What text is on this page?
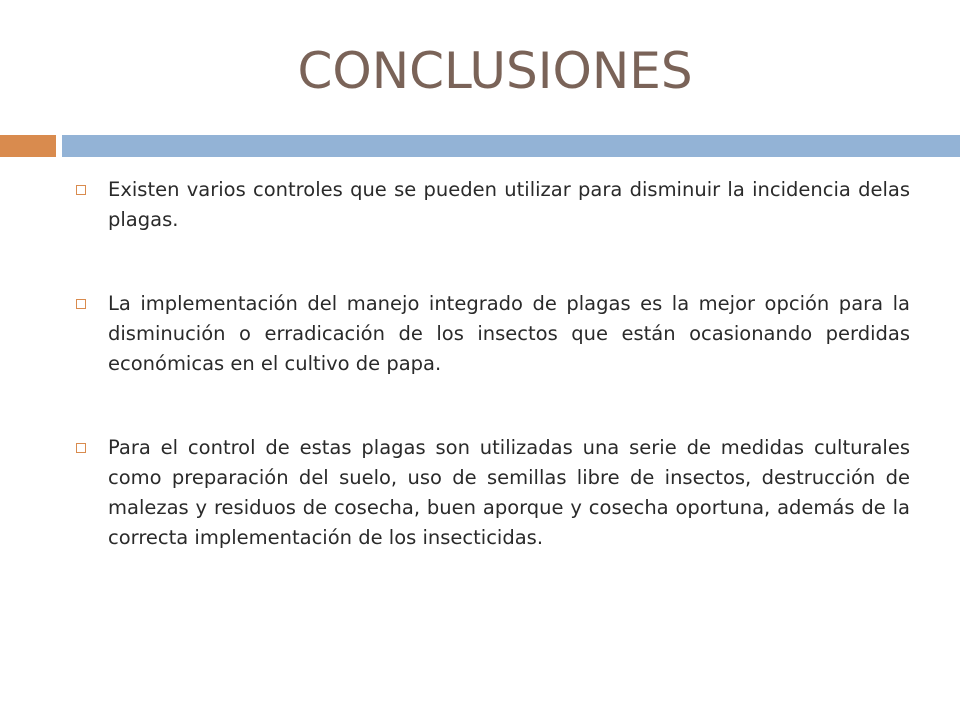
CONCLUSIONES
Existen varios controles que se pueden utilizar para disminuir la incidencia delas plagas.
La implementación del manejo integrado de plagas es la mejor opción para la disminución o erradicación de los insectos que están ocasionando perdidas económicas en el cultivo de papa.
Para el control de estas plagas son utilizadas una serie de medidas culturales como preparación del suelo, uso de semillas libre de insectos, destrucción de malezas y residuos de cosecha, buen aporque y cosecha oportuna, además de la correcta implementación de los insecticidas.
